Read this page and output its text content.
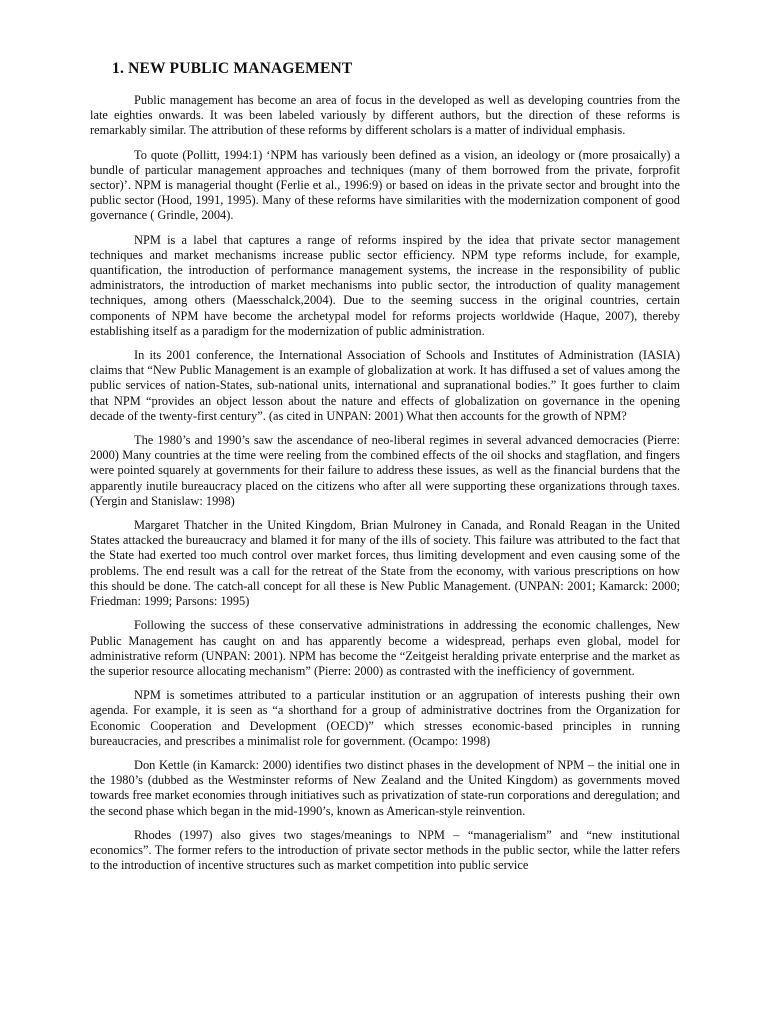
1. NEW PUBLIC MANAGEMENT

Public management has become an area of focus in the developed as well as developing countries from the late eighties onwards. It was been labeled variously by different authors, but the direction of these reforms is remarkably similar. The attribution of these reforms by different scholars is a matter of individual emphasis.

To quote (Pollitt, 1994:1) ‘NPM has variously been defined as a vision, an ideology or (more prosaically) a bundle of particular management approaches and techniques (many of them borrowed from the private, forprofit sector)’. NPM is managerial thought (Ferlie et al., 1996:9) or based on ideas in the private sector and brought into the public sector (Hood, 1991, 1995). Many of these reforms have similarities with the modernization component of good governance ( Grindle, 2004).

NPM is a label that captures a range of reforms inspired by the idea that private sector management techniques and market mechanisms increase public sector efficiency. NPM type reforms include, for example, quantification, the introduction of performance management systems, the increase in the responsibility of public administrators, the introduction of market mechanisms into public sector, the introduction of quality management techniques, among others (Maesschalck,2004). Due to the seeming success in the original countries, certain components of NPM have become the archetypal model for reforms projects worldwide (Haque, 2007), thereby establishing itself as a paradigm for the modernization of public administration.

In its 2001 conference, the International Association of Schools and Institutes of Administration (IASIA) claims that “New Public Management is an example of globalization at work. It has diffused a set of values among the public services of nation-States, sub-national units, international and supranational bodies.” It goes further to claim that NPM “provides an object lesson about the nature and effects of globalization on governance in the opening decade of the twenty-first century”. (as cited in UNPAN: 2001) What then accounts for the growth of NPM?

The 1980’s and 1990’s saw the ascendance of neo-liberal regimes in several advanced democracies (Pierre: 2000) Many countries at the time were reeling from the combined effects of the oil shocks and stagflation, and fingers were pointed squarely at governments for their failure to address these issues, as well as the financial burdens that the apparently inutile bureaucracy placed on the citizens who after all were supporting these organizations through taxes. (Yergin and Stanislaw: 1998)

Margaret Thatcher in the United Kingdom, Brian Mulroney in Canada, and Ronald Reagan in the United States attacked the bureaucracy and blamed it for many of the ills of society. This failure was attributed to the fact that the State had exerted too much control over market forces, thus limiting development and even causing some of the problems. The end result was a call for the retreat of the State from the economy, with various prescriptions on how this should be done. The catch-all concept for all these is New Public Management. (UNPAN: 2001; Kamarck: 2000; Friedman: 1999; Parsons: 1995)

Following the success of these conservative administrations in addressing the economic challenges, New Public Management has caught on and has apparently become a widespread, perhaps even global, model for administrative reform (UNPAN: 2001). NPM has become the “Zeitgeist heralding private enterprise and the market as the superior resource allocating mechanism” (Pierre: 2000) as contrasted with the inefficiency of government.

NPM is sometimes attributed to a particular institution or an aggrupation of interests pushing their own agenda. For example, it is seen as “a shorthand for a group of administrative doctrines from the Organization for Economic Cooperation and Development (OECD)” which stresses economic-based principles in running bureaucracies, and prescribes a minimalist role for government. (Ocampo: 1998)

Don Kettle (in Kamarck: 2000) identifies two distinct phases in the development of NPM – the initial one in the 1980’s (dubbed as the Westminster reforms of New Zealand and the United Kingdom) as governments moved towards free market economies through initiatives such as privatization of state-run corporations and deregulation; and the second phase which began in the mid-1990’s, known as American-style reinvention.

Rhodes (1997) also gives two stages/meanings to NPM – “managerialism” and “new institutional economics”. The former refers to the introduction of private sector methods in the public sector, while the latter refers to the introduction of incentive structures such as market competition into public service
